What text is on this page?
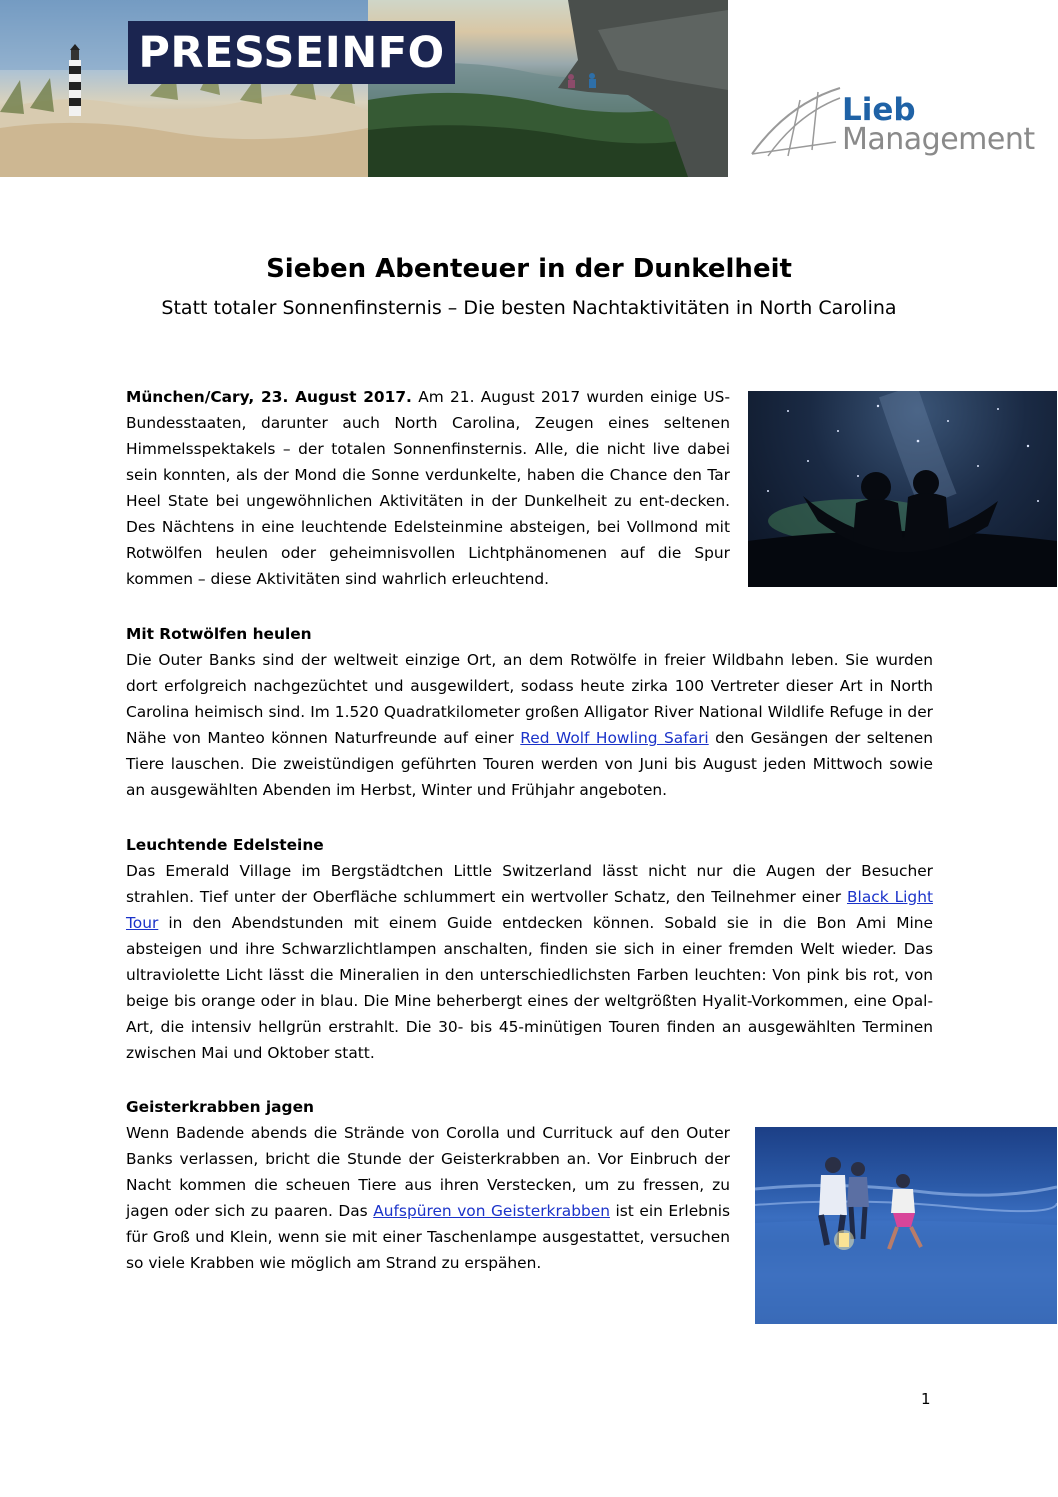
PRESSEINFO
Lieb
Management
Sieben Abenteuer in der Dunkelheit
Statt totaler Sonnenfinsternis – Die besten Nachtaktivitäten in North Carolina

München/Cary, 23. August 2017. Am 21. August 2017 wurden einige US-Bundesstaaten, darunter auch North Carolina, Zeugen eines seltenen Himmelsspektakels – der totalen Sonnenfinsternis. Alle, die nicht live dabei sein konnten, als der Mond die Sonne verdunkelte, haben die Chance den Tar Heel State bei ungewöhnlichen Aktivitäten in der Dunkelheit zu ent-decken. Des Nächtens in eine leuchtende Edelsteinmine absteigen, bei Vollmond mit Rotwölfen heulen oder geheimnisvollen Lichtphänomenen auf die Spur kommen – diese Aktivitäten sind wahrlich erleuchtend.

Mit Rotwölfen heulen

Die Outer Banks sind der weltweit einzige Ort, an dem Rotwölfe in freier Wildbahn leben. Sie wurden dort erfolgreich nachgezüchtet und ausgewildert, sodass heute zirka 100 Vertreter dieser Art in North Carolina heimisch sind. Im 1.520 Quadratkilometer großen Alligator River National Wildlife Refuge in der Nähe von Manteo können Naturfreunde auf einer Red Wolf Howling Safari den Gesängen der seltenen Tiere lauschen. Die zweistündigen geführten Touren werden von Juni bis August jeden Mittwoch sowie an ausgewählten Abenden im Herbst, Winter und Frühjahr angeboten.

Leuchtende Edelsteine

Das Emerald Village im Bergstädtchen Little Switzerland lässt nicht nur die Augen der Besucher strahlen. Tief unter der Oberfläche schlummert ein wertvoller Schatz, den Teilnehmer einer Black Light Tour in den Abendstunden mit einem Guide entdecken können. Sobald sie in die Bon Ami Mine absteigen und ihre Schwarzlichtlampen anschalten, finden sie sich in einer fremden Welt wieder. Das ultraviolette Licht lässt die Mineralien in den unterschiedlichsten Farben leuchten: Von pink bis rot, von beige bis orange oder in blau. Die Mine beherbergt eines der weltgrößten Hyalit-Vorkommen, eine Opal-Art, die intensiv hellgrün erstrahlt. Die 30- bis 45-minütigen Touren finden an ausgewählten Terminen zwischen Mai und Oktober statt.

Geisterkrabben jagen

Wenn Badende abends die Strände von Corolla und Currituck auf den Outer Banks verlassen, bricht die Stunde der Geisterkrabben an. Vor Einbruch der Nacht kommen die scheuen Tiere aus ihren Verstecken, um zu fressen, zu jagen oder sich zu paaren. Das Aufspüren von Geisterkrabben ist ein Erlebnis für Groß und Klein, wenn sie mit einer Taschenlampe ausgestattet, versuchen so viele Krabben wie möglich am Strand zu erspähen.

1
